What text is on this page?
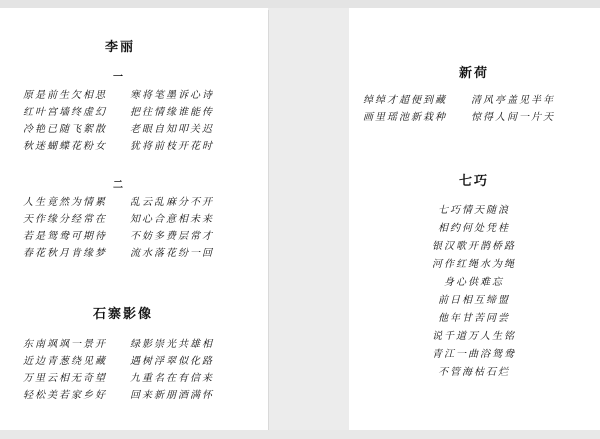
李丽
一
原是前生欠相思
红叶宫墙终虚幻
冷艳已随飞絮散
秋迷蝴蝶花粉女
寒将笔墨诉心诗
把往情缘谁能传
老眼自知叩关迟
犹将前枝开花时
二
人生竟然为情累
天作缘分经常在
若是鸳鸯可期待
春花秋月肯缘梦
乱云乱麻分不开
知心合意相未来
不妨多费层常才
流水落花纷一回
石寨影像
东南飒飒一景开
近边青葱绕见藏
万里云相无奇望
轻松美若家乡好
绿影崇光共雄相
遇树浮翠似化路
九重名在有信来
回来新朋酒满怀
新荷
绰绰才超便到藏
画里瑶池新栽种
清风亭盖见半年
惊得人间一片天
七巧
七巧情天随浪
相约何处凭桂
银汉歌开鹊桥路
河作红绳水为绳
身心供难忘
前日相互缔盟
他年甘苦同尝
说千道万人生铭
青江一曲浴鸳鸯
不管海枯石烂
